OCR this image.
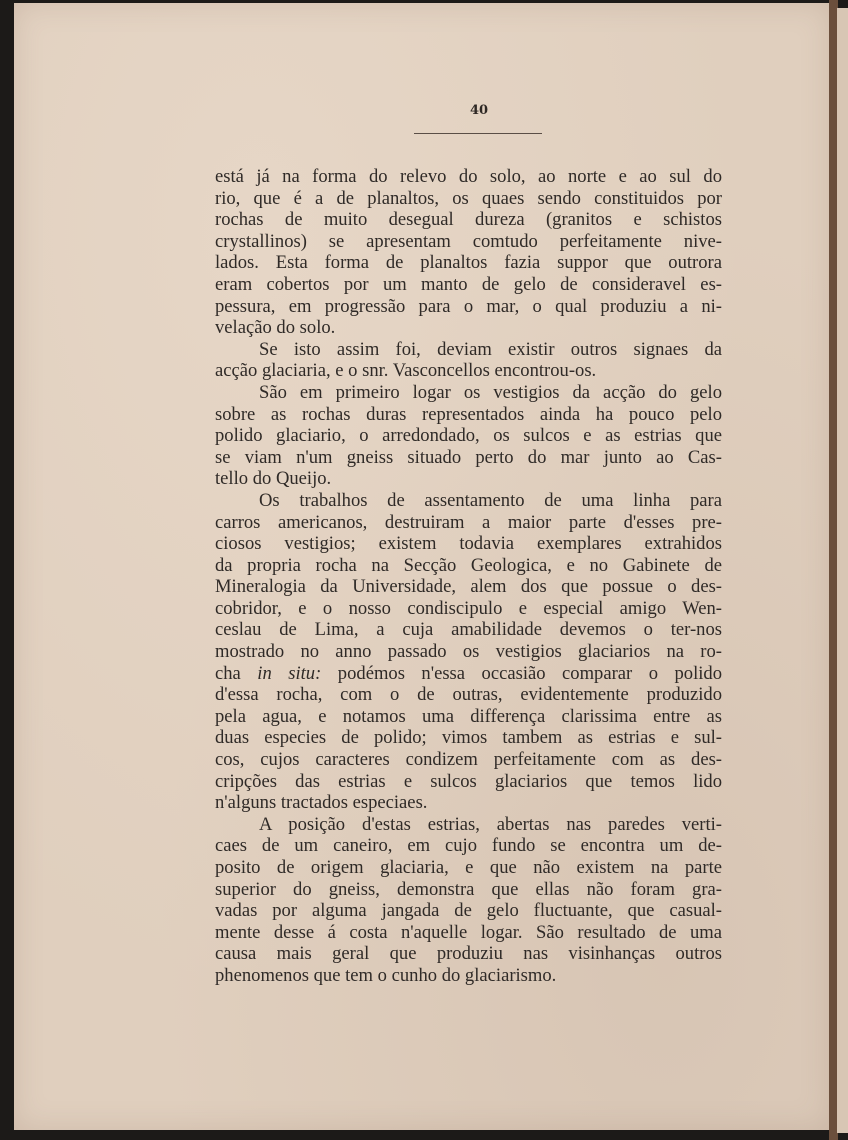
40
está já na forma do relevo do solo, ao norte e ao sul do
rio, que é a de planaltos, os quaes sendo constituidos por
rochas de muito desegual dureza (granitos e schistos
crystallinos) se apresentam comtudo perfeitamente nive-
lados. Esta forma de planaltos fazia suppor que outrora
eram cobertos por um manto de gelo de consideravel es-
pessura, em progressão para o mar, o qual produziu a ni-
velação do solo.
Se isto assim foi, deviam existir outros signaes da
acção glaciaria, e o snr. Vasconcellos encontrou-os.
São em primeiro logar os vestigios da acção do gelo
sobre as rochas duras representados ainda ha pouco pelo
polido glaciario, o arredondado, os sulcos e as estrias que
se viam n'um gneiss situado perto do mar junto ao Cas-
tello do Queijo.
Os trabalhos de assentamento de uma linha para
carros americanos, destruiram a maior parte d'esses pre-
ciosos vestigios; existem todavia exemplares extrahidos
da propria rocha na Secção Geologica, e no Gabinete de
Mineralogia da Universidade, alem dos que possue o des-
cobridor, e o nosso condiscipulo e especial amigo Wen-
ceslau de Lima, a cuja amabilidade devemos o ter-nos
mostrado no anno passado os vestigios glaciarios na ro-
cha in situ: podémos n'essa occasião comparar o polido
d'essa rocha, com o de outras, evidentemente produzido
pela agua, e notamos uma differença clarissima entre as
duas especies de polido; vimos tambem as estrias e sul-
cos, cujos caracteres condizem perfeitamente com as des-
cripções das estrias e sulcos glaciarios que temos lido
n'alguns tractados especiaes.
A posição d'estas estrias, abertas nas paredes verti-
caes de um caneiro, em cujo fundo se encontra um de-
posito de origem glaciaria, e que não existem na parte
superior do gneiss, demonstra que ellas não foram gra-
vadas por alguma jangada de gelo fluctuante, que casual-
mente desse á costa n'aquelle logar. São resultado de uma
causa mais geral que produziu nas visinhanças outros
phenomenos que tem o cunho do glaciarismo.
